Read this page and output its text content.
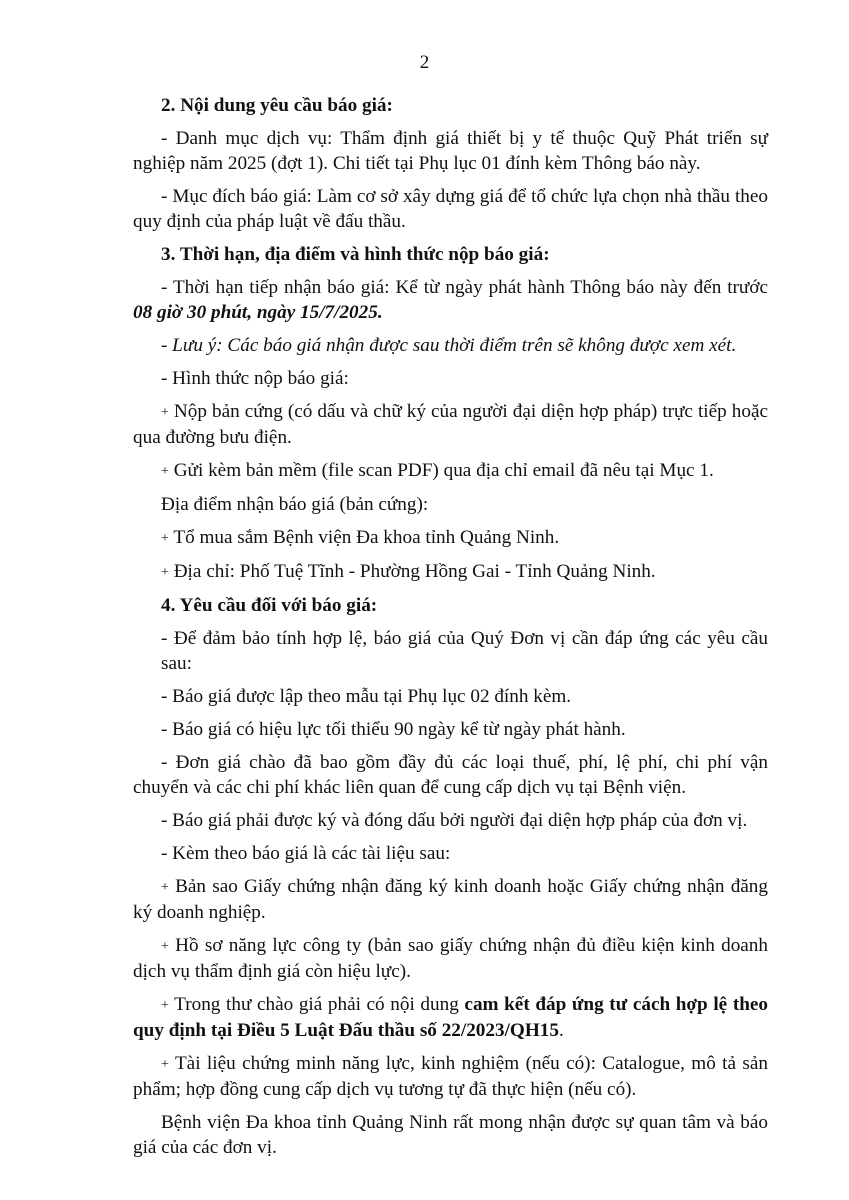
2

2. Nội dung yêu cầu báo giá:

- Danh mục dịch vụ: Thẩm định giá thiết bị y tế thuộc Quỹ Phát triển sự nghiệp năm 2025 (đợt 1). Chi tiết tại Phụ lục 01 đính kèm Thông báo này.

- Mục đích báo giá: Làm cơ sở xây dựng giá để tổ chức lựa chọn nhà thầu theo quy định của pháp luật về đấu thầu.

3. Thời hạn, địa điểm và hình thức nộp báo giá:

- Thời hạn tiếp nhận báo giá: Kể từ ngày phát hành Thông báo này đến trước 08 giờ 30 phút, ngày 15/7/2025.

- Lưu ý: Các báo giá nhận được sau thời điểm trên sẽ không được xem xét.

- Hình thức nộp báo giá:

+ Nộp bản cứng (có dấu và chữ ký của người đại diện hợp pháp) trực tiếp hoặc qua đường bưu điện.

+ Gửi kèm bản mềm (file scan PDF) qua địa chỉ email đã nêu tại Mục 1.

Địa điểm nhận báo giá (bản cứng):

+ Tổ mua sắm Bệnh viện Đa khoa tỉnh Quảng Ninh.

+ Địa chỉ: Phố Tuệ Tĩnh - Phường Hồng Gai - Tỉnh Quảng Ninh.

4. Yêu cầu đối với báo giá:

- Để đảm bảo tính hợp lệ, báo giá của Quý Đơn vị cần đáp ứng các yêu cầu sau:

- Báo giá được lập theo mẫu tại Phụ lục 02 đính kèm.

- Báo giá có hiệu lực tối thiểu 90 ngày kể từ ngày phát hành.

- Đơn giá chào đã bao gồm đầy đủ các loại thuế, phí, lệ phí, chi phí vận chuyển và các chi phí khác liên quan để cung cấp dịch vụ tại Bệnh viện.

- Báo giá phải được ký và đóng dấu bởi người đại diện hợp pháp của đơn vị.

- Kèm theo báo giá là các tài liệu sau:

+ Bản sao Giấy chứng nhận đăng ký kinh doanh hoặc Giấy chứng nhận đăng ký doanh nghiệp.

+ Hồ sơ năng lực công ty (bản sao giấy chứng nhận đủ điều kiện kinh doanh dịch vụ thẩm định giá còn hiệu lực).

+ Trong thư chào giá phải có nội dung cam kết đáp ứng tư cách hợp lệ theo quy định tại Điều 5 Luật Đấu thầu số 22/2023/QH15.

+ Tài liệu chứng minh năng lực, kinh nghiệm (nếu có): Catalogue, mô tả sản phẩm; hợp đồng cung cấp dịch vụ tương tự đã thực hiện (nếu có).

Bệnh viện Đa khoa tỉnh Quảng Ninh rất mong nhận được sự quan tâm và báo giá của các đơn vị.
